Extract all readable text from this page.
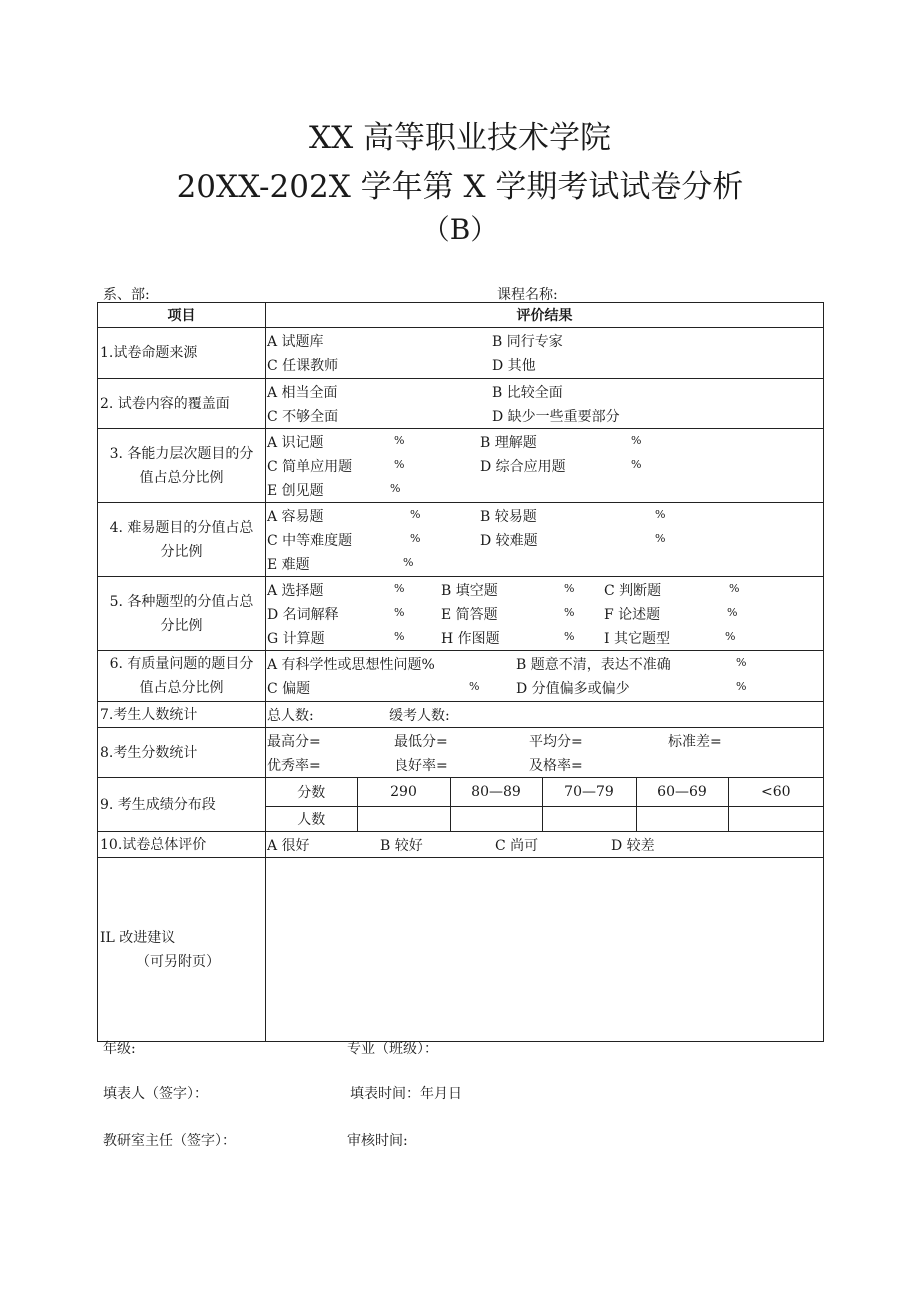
XX 高等职业技术学院
20XX-202X 学年第 X 学期考试试卷分析
（B）
系、部:	课程名称:
项目	评价结果
1.试卷命题来源	
A 试题库	B 同行专家
C 任课教师	D 其他

2. 试卷内容的覆盖面	
A 相当全面	B 比较全面
C 不够全面	D 缺少一些重要部分

3. 各能力层次题目的分
值占总分比例

A 识记题	%	B 理解题	%
C 简单应用题	%	D 综合应用题	%
E 创见题	%

4. 难易题目的分值占总
分比例

A 容易题	%	B 较易题	%
C 中等难度题	%	D 较难题	%
E 难题	%

5. 各种题型的分值占总
分比例

A 选择题	%	B 填空题	% C 判断题	%
D 名词解释	%	E 简答题	% F 论述题	%
G 计算题	%	H 作图题	% I 其它题型	%

6. 有质量问题的题目分
值占总分比例

A 有科学性或思想性问题%	B 题意不清，表达不准确	%
C 偏题	%	D 分值偏多或偏少	%

7.考生人数统计	总人数:	缓考人数:

8.考生分数统计	
最高分=	最低分=	平均分=	标准差=
优秀率=	良好率=	及格率=

9. 考生成绩分布段	
分数	290	80—89	70—79	60—69	<60
人数					

10.试卷总体评价	A 很好	B 较好	C 尚可	D 较差

IL 改进建议
（可另附页）

年级:	专业（班级）：
填表人（签字）：	填表时间：年月日
教研室主任（签字）：	审核时间:
